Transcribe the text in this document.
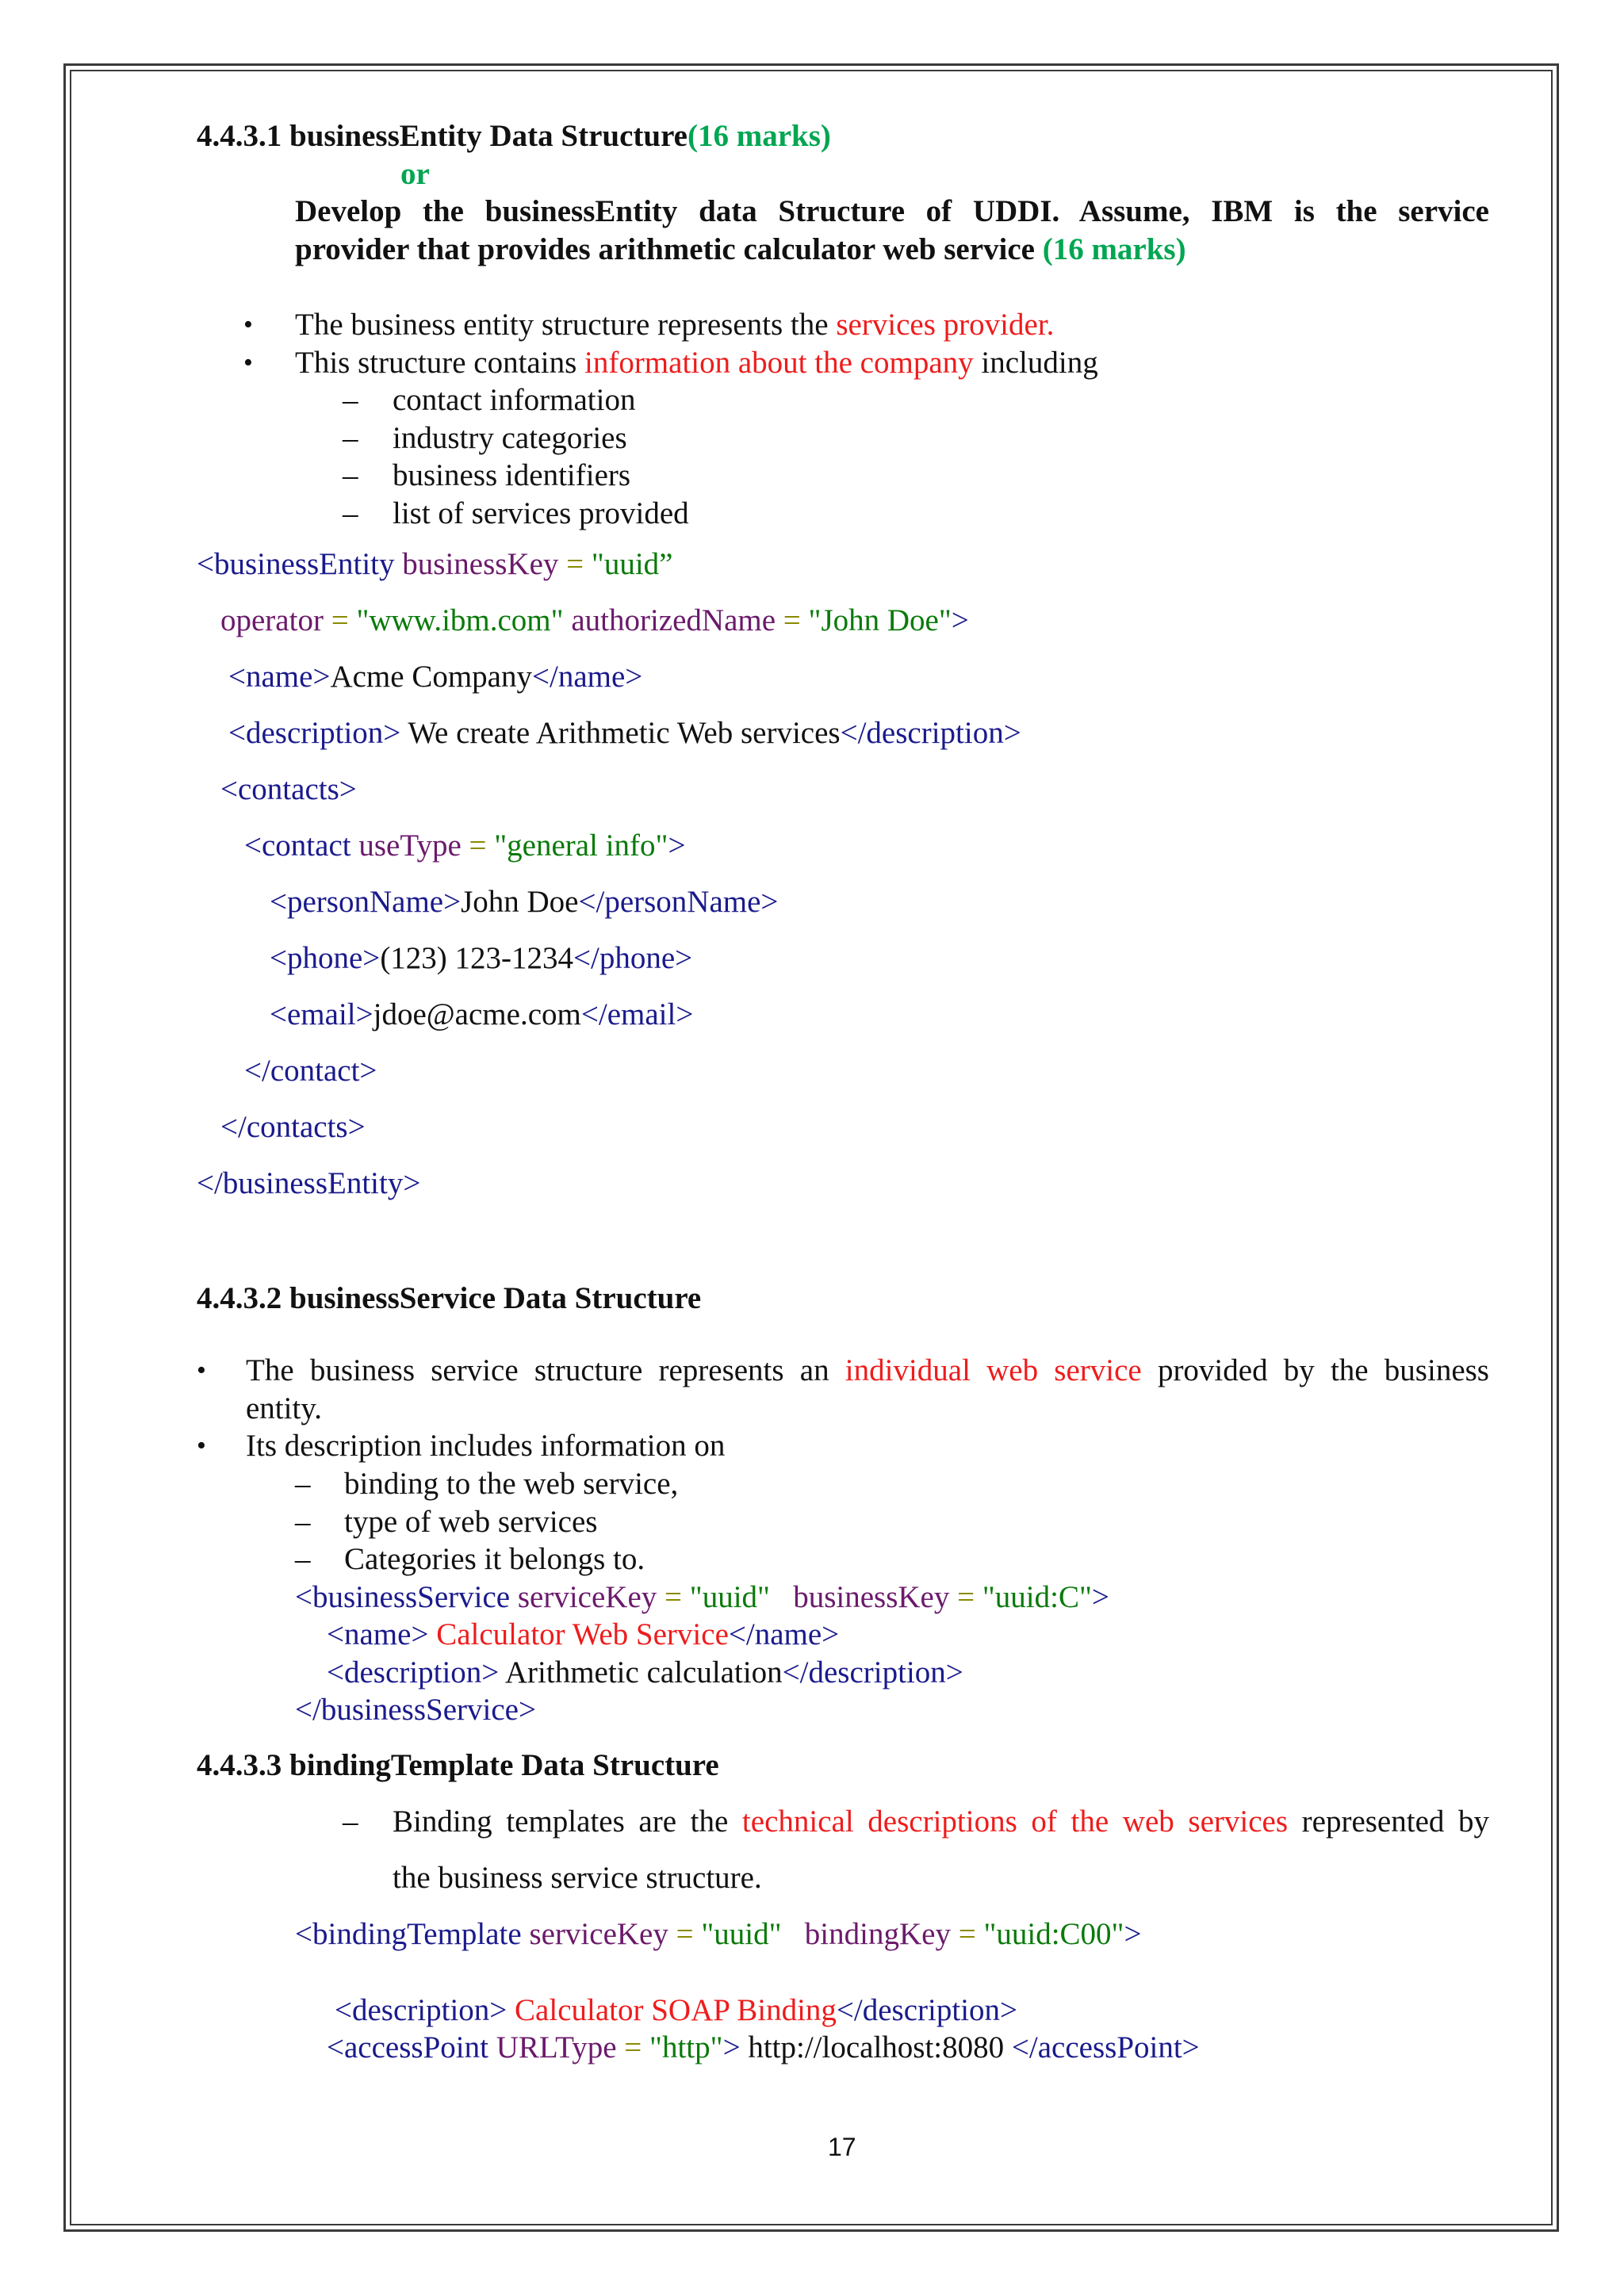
4.4.3.1 businessEntity Data Structure(16 marks)
or
Develop the businessEntity data Structure of UDDI. Assume, IBM is the service
provider that provides arithmetic calculator web service (16 marks)
• The business entity structure represents the services provider.
• This structure contains information about the company including
– contact information
– industry categories
– business identifiers
– list of services provided
<businessEntity businessKey = "uuid”
operator = "www.ibm.com" authorizedName = "John Doe">
<name>Acme Company</name>
<description> We create Arithmetic Web services</description>
<contacts>
<contact useType = "general info">
<personName>John Doe</personName>
<phone>(123) 123-1234</phone>
<email>jdoe@acme.com</email>
</contact>
</contacts>
</businessEntity>
4.4.3.2 businessService Data Structure
• The business service structure represents an individual web service provided by the business
entity.
• Its description includes information on
– binding to the web service,
– type of web services
– Categories it belongs to.
<businessService serviceKey = "uuid" businessKey = "uuid:C">
<name> Calculator Web Service</name>
<description> Arithmetic calculation</description>
</businessService>
4.4.3.3 bindingTemplate Data Structure
– Binding templates are the technical descriptions of the web services represented by
the business service structure.
<bindingTemplate serviceKey = "uuid" bindingKey = "uuid:C00">
<description> Calculator SOAP Binding</description>
<accessPoint URLType = "http"> http://localhost:8080 </accessPoint>
17
